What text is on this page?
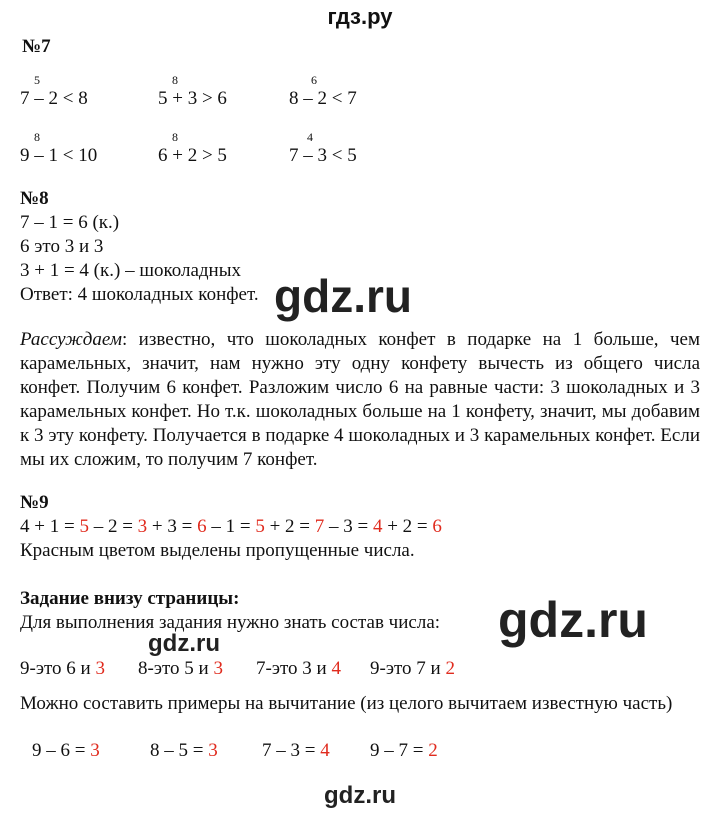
гдз.ру
№7
5
7 – 2 < 8
8
5 + 3 > 6
6
8 – 2 < 7
8
9 – 1 < 10
8
6 + 2 > 5
4
7 – 3 < 5
№8
7 – 1 = 6 (к.)
6 это 3 и 3
3 + 1 = 4 (к.) – шоколадных
Ответ: 4 шоколадных конфет. gdz.ru
Рассуждаем: известно, что шоколадных конфет в подарке на 1 больше, чем карамельных, значит, нам нужно эту одну конфету вычесть из общего числа конфет. Получим 6 конфет. Разложим число 6 на равные части: 3 шоколадных и 3 карамельных конфет. Но т.к. шоколадных больше на 1 конфету, значит, мы добавим к 3 эту конфету. Получается в подарке 4 шоколадных и 3 карамельных конфет. Если мы их сложим, то получим 7 конфет.
№9
4 + 1 = 5 – 2 = 3 + 3 = 6 – 1 = 5 + 2 = 7 – 3 = 4 + 2 = 6
Красным цветом выделены пропущенные числа.
Задание внизу страницы:
Для выполнения задания нужно знать состав числа: gdz.ru
gdz.ru
9-это 6 и 3 8-это 5 и 3 7-это 3 и 4 9-это 7 и 2
Можно составить примеры на вычитание (из целого вычитаем известную часть)
9 – 6 = 3	8 – 5 = 3 7 – 3 = 4 9 – 7 = 2
gdz.ru
